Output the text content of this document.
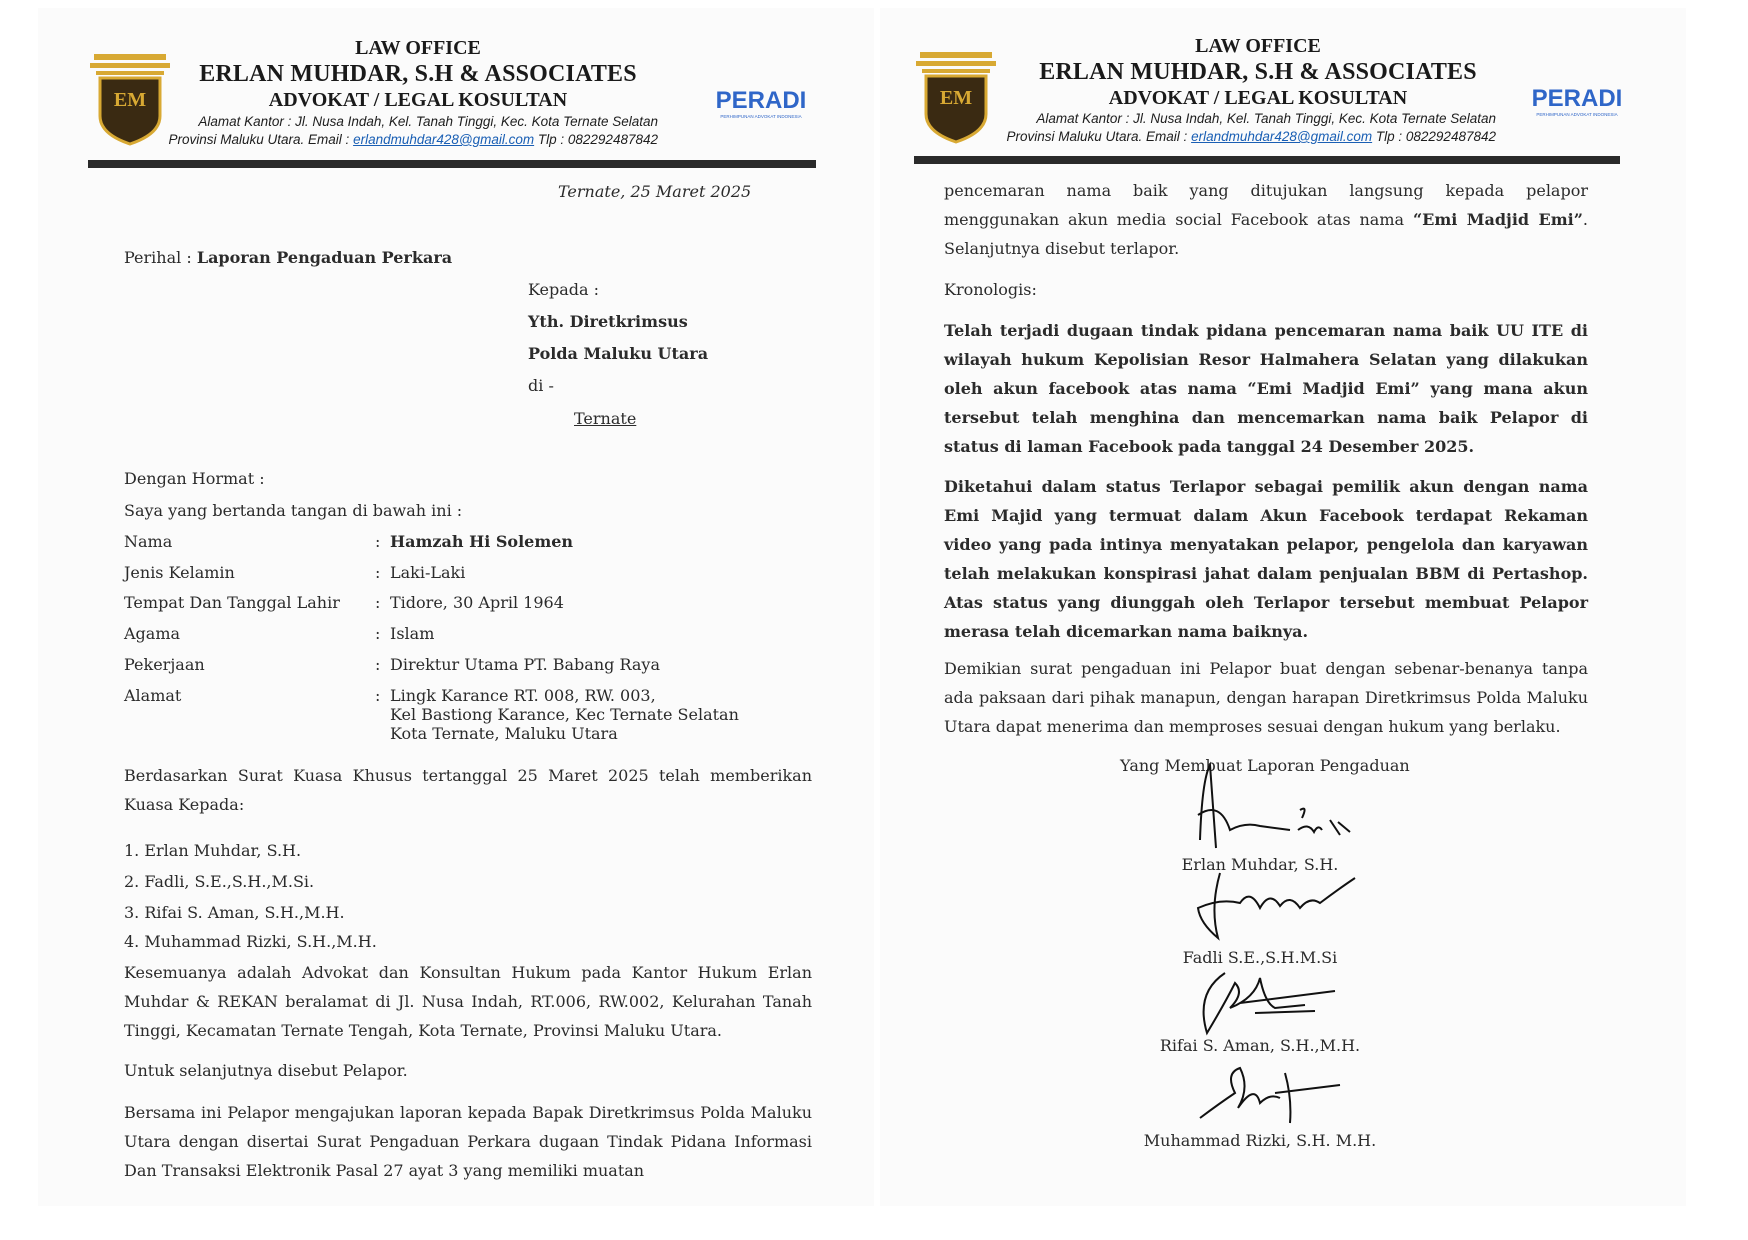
EM
LAW OFFICE
ERLAN MUHDAR, S.H & ASSOCIATES
ADVOKAT / LEGAL KOSULTAN
Alamat Kantor : Jl. Nusa Indah, Kel. Tanah Tinggi, Kec. Kota Ternate Selatan
Provinsi Maluku Utara. Email : erlandmuhdar428@gmail.com Tlp : 082292487842
PERADI
PERHIMPUNAN ADVOKAT INDONESIA
Ternate, 25 Maret 2025
Perihal : Laporan Pengaduan Perkara
Kepada :
Yth. Diretkrimsus
Polda Maluku Utara
di -
Ternate
Dengan Hormat :
Saya yang bertanda tangan di bawah ini :
Nama	: Hamzah Hi Solemen
Jenis Kelamin	: Laki-Laki
Tempat Dan Tanggal Lahir : Tidore, 30 April 1964
Agama	: Islam
Pekerjaan	: Direktur Utama PT. Babang Raya
Alamat	: Lingk Karance RT. 008, RW. 003,
Kel Bastiong Karance, Kec Ternate Selatan
Kota Ternate, Maluku Utara
Berdasarkan Surat Kuasa Khusus tertanggal 25 Maret 2025 telah memberikan Kuasa Kepada:
1. Erlan Muhdar, S.H.
2. Fadli, S.E.,S.H.,M.Si.
3. Rifai S. Aman, S.H.,M.H.
4. Muhammad Rizki, S.H.,M.H.
Kesemuanya adalah Advokat dan Konsultan Hukum pada Kantor Hukum Erlan Muhdar & REKAN beralamat di Jl. Nusa Indah, RT.006, RW.002, Kelurahan Tanah Tinggi, Kecamatan Ternate Tengah, Kota Ternate, Provinsi Maluku Utara.
Untuk selanjutnya disebut Pelapor.
Bersama ini Pelapor mengajukan laporan kepada Bapak Diretkrimsus Polda Maluku Utara dengan disertai Surat Pengaduan Perkara dugaan Tindak Pidana Informasi Dan Transaksi Elektronik Pasal 27 ayat 3 yang memiliki muatan
EM
LAW OFFICE
ERLAN MUHDAR, S.H & ASSOCIATES
ADVOKAT / LEGAL KOSULTAN
Alamat Kantor : Jl. Nusa Indah, Kel. Tanah Tinggi, Kec. Kota Ternate Selatan
Provinsi Maluku Utara. Email : erlandmuhdar428@gmail.com Tlp : 082292487842
PERADI
PERHIMPUNAN ADVOKAT INDONESIA
pencemaran nama baik yang ditujukan langsung kepada pelapor menggunakan akun media social Facebook atas nama “Emi Madjid Emi”. Selanjutnya disebut terlapor.
Kronologis:
Telah terjadi dugaan tindak pidana pencemaran nama baik UU ITE di wilayah hukum Kepolisian Resor Halmahera Selatan yang dilakukan oleh akun facebook atas nama “Emi Madjid Emi” yang mana akun tersebut telah menghina dan mencemarkan nama baik Pelapor di status di laman Facebook pada tanggal 24 Desember 2025.
Diketahui dalam status Terlapor sebagai pemilik akun dengan nama Emi Majid yang termuat dalam Akun Facebook terdapat Rekaman video yang pada intinya menyatakan pelapor, pengelola dan karyawan telah melakukan konspirasi jahat dalam penjualan BBM di Pertashop. Atas status yang diunggah oleh Terlapor tersebut membuat Pelapor merasa telah dicemarkan nama baiknya.
Demikian surat pengaduan ini Pelapor buat dengan sebenar-benanya tanpa ada paksaan dari pihak manapun, dengan harapan Diretkrimsus Polda Maluku Utara dapat menerima dan memproses sesuai dengan hukum yang berlaku.
Yang Membuat Laporan Pengaduan
Erlan Muhdar, S.H.
Fadli S.E.,S.H.M.Si
Rifai S. Aman, S.H.,M.H.
Muhammad Rizki, S.H. M.H.
